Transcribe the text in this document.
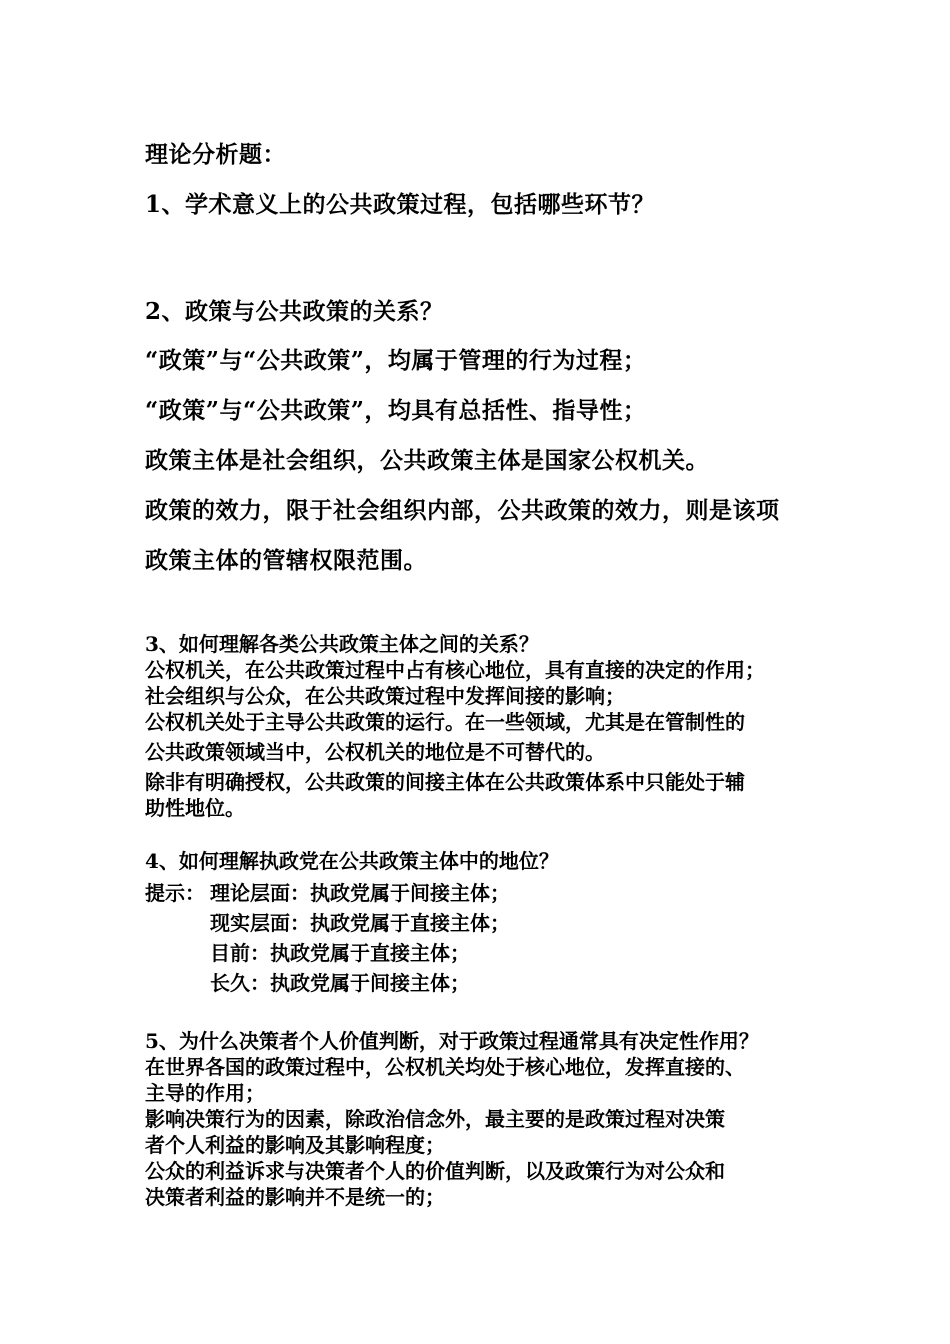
理论分析题：
1、学术意义上的公共政策过程，包括哪些环节？
2、政策与公共政策的关系？
“政策”与“公共政策”，均属于管理的行为过程；
“政策”与“公共政策”，均具有总括性、指导性；
政策主体是社会组织，公共政策主体是国家公权机关。
政策的效力，限于社会组织内部，公共政策的效力，则是该项
政策主体的管辖权限范围。
3、如何理解各类公共政策主体之间的关系？
公权机关，在公共政策过程中占有核心地位，具有直接的决定的作用；
社会组织与公众，在公共政策过程中发挥间接的影响；
公权机关处于主导公共政策的运行。在一些领域，尤其是在管制性的
公共政策领域当中，公权机关的地位是不可替代的。
除非有明确授权，公共政策的间接主体在公共政策体系中只能处于辅
助性地位。
4、如何理解执政党在公共政策主体中的地位？
提示： 理论层面：执政党属于间接主体；
现实层面：执政党属于直接主体；
目前：执政党属于直接主体；
长久：执政党属于间接主体；
5、为什么决策者个人价值判断，对于政策过程通常具有决定性作用？
在世界各国的政策过程中，公权机关均处于核心地位，发挥直接的、
主导的作用；
影响决策行为的因素，除政治信念外，最主要的是政策过程对决策
者个人利益的影响及其影响程度；
公众的利益诉求与决策者个人的价值判断，以及政策行为对公众和
决策者利益的影响并不是统一的；
